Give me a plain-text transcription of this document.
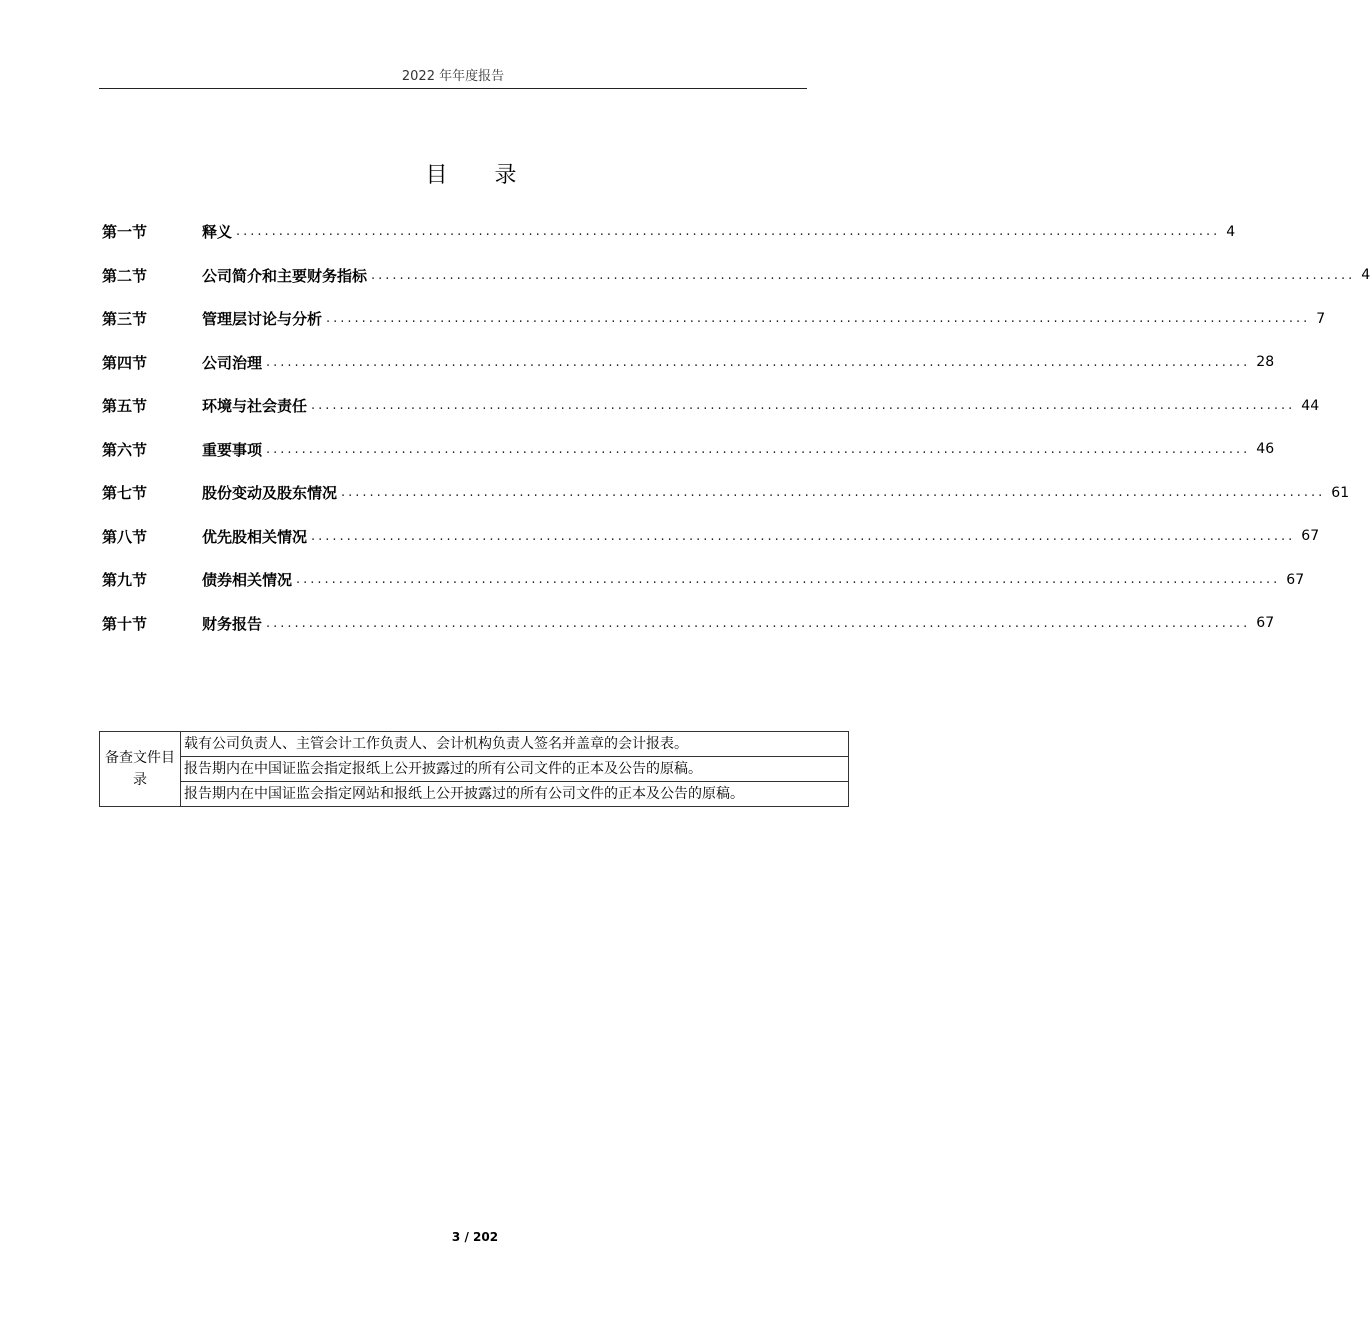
2022 年年度报告
目 录
第一节	释义 .......................................................................................................................................... 4
第二节	公司简介和主要财务指标 .......................................................................................................................................... 4
第三节	管理层讨论与分析 .......................................................................................................................................... 7
第四节	公司治理 .......................................................................................................................................... 28
第五节	环境与社会责任 .......................................................................................................................................... 44
第六节	重要事项 .......................................................................................................................................... 46
第七节	股份变动及股东情况 .......................................................................................................................................... 61
第八节	优先股相关情况 .......................................................................................................................................... 67
第九节	债券相关情况 .......................................................................................................................................... 67
第十节	财务报告 .......................................................................................................................................... 67
备查文件目录	载有公司负责人、主管会计工作负责人、会计机构负责人签名并盖章的会计报表。
报告期内在中国证监会指定报纸上公开披露过的所有公司文件的正本及公告的原稿。
报告期内在中国证监会指定网站和报纸上公开披露过的所有公司文件的正本及公告的原稿。
3 / 202
